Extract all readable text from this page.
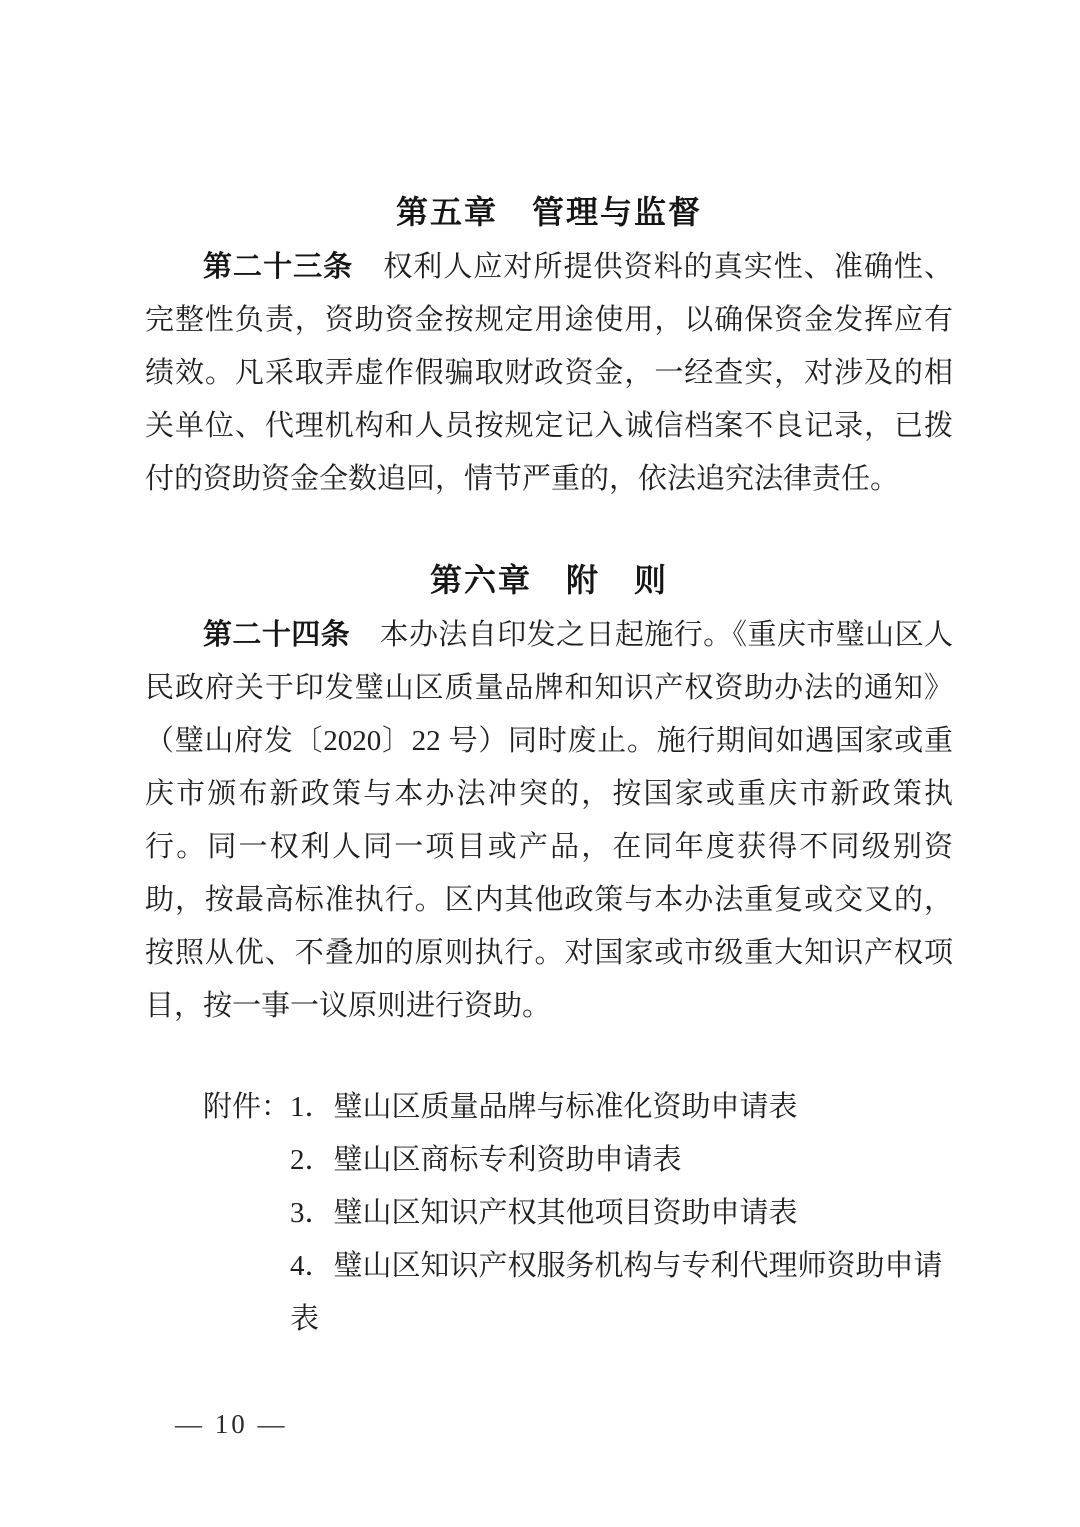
第五章　管理与监督

第二十三条　权利人应对所提供资料的真实性、准确性、完整性负责，资助资金按规定用途使用，以确保资金发挥应有绩效。凡采取弄虚作假骗取财政资金，一经查实，对涉及的相关单位、代理机构和人员按规定记入诚信档案不良记录，已拨付的资助资金全数追回，情节严重的，依法追究法律责任。

第六章　附　则

第二十四条　本办法自印发之日起施行。《重庆市璧山区人民政府关于印发璧山区质量品牌和知识产权资助办法的通知》（璧山府发〔2020〕22 号）同时废止。施行期间如遇国家或重庆市颁布新政策与本办法冲突的，按国家或重庆市新政策执行。同一权利人同一项目或产品，在同年度获得不同级别资助，按最高标准执行。区内其他政策与本办法重复或交叉的，按照从优、不叠加的原则执行。对国家或市级重大知识产权项目，按一事一议原则进行资助。

附件： 1．璧山区质量品牌与标准化资助申请表
2．璧山区商标专利资助申请表
3．璧山区知识产权其他项目资助申请表
4．璧山区知识产权服务机构与专利代理师资助申请表
— 10 —
